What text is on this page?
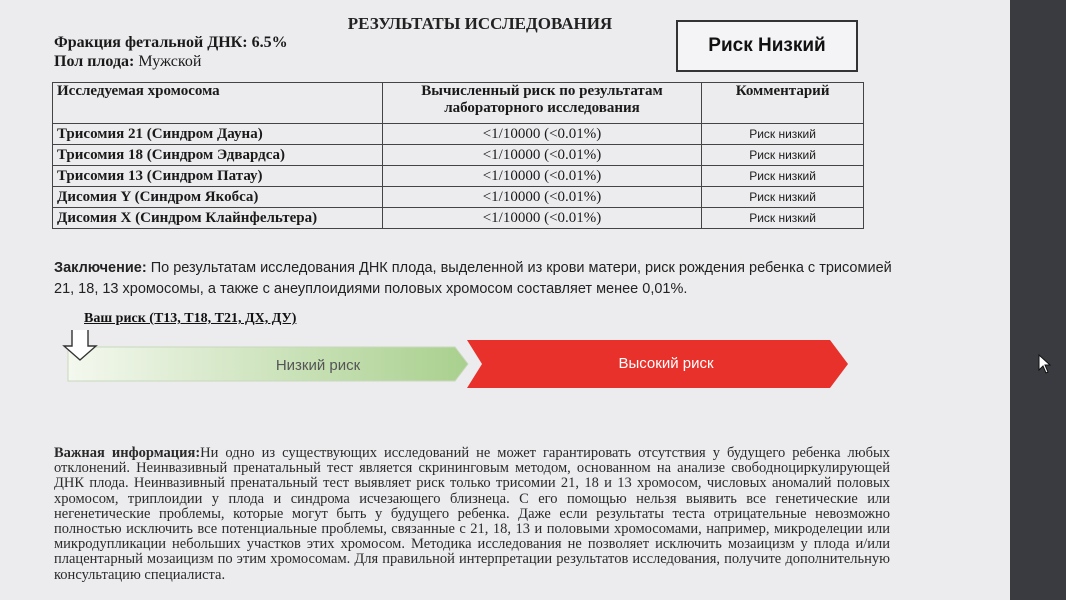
РЕЗУЛЬТАТЫ ИССЛЕДОВАНИЯ
Фракция фетальной ДНК: 6.5%
Пол плода: Мужской
Риск Низкий
Исследуемая хромосома	Вычисленный риск по результатам лабораторного исследования	Комментарий
Трисомия 21 (Синдром Дауна)	<1/10000 (<0.01%)	Риск низкий
Трисомия 18 (Синдром Эдвардса)	<1/10000 (<0.01%)	Риск низкий
Трисомия 13 (Синдром Патау)	<1/10000 (<0.01%)	Риск низкий
Дисомия Y (Синдром Якобса)	<1/10000 (<0.01%)	Риск низкий
Дисомия X (Синдром Клайнфельтера)	<1/10000 (<0.01%)	Риск низкий
Заключение: По результатам исследования ДНК плода, выделенной из крови матери, риск рождения ребенка с трисомией 21, 18, 13 хромосомы, а также с анеуплоидиями половых хромосом составляет менее 0,01%.
Ваш риск (Т13, Т18, Т21, ДХ, ДУ)
Низкий риск	Высокий риск
Важная информация:Ни одно из существующих исследований не может гарантировать отсутствия у будущего ребенка любых отклонений. Неинвазивный пренатальный тест является скрининговым методом, основанном на анализе свободноциркулирующей ДНК плода. Неинвазивный пренатальный тест выявляет риск только трисомии 21, 18 и 13 хромосом, числовых аномалий половых хромосом, триплоидии у плода и синдрома исчезающего близнеца. С его помощью нельзя выявить все генетические или негенетические проблемы, которые могут быть у будущего ребенка. Даже если результаты теста отрицательные невозможно полностью исключить все потенциальные проблемы, связанные с 21, 18, 13 и половыми хромосомами, например, микроделеции или микродупликации небольших участков этих хромосом. Методика исследования не позволяет исключить мозаицизм у плода и/или плацентарный мозаицизм по этим хромосомам. Для правильной интерпретации результатов исследования, получите дополнительную консультацию специалиста.
